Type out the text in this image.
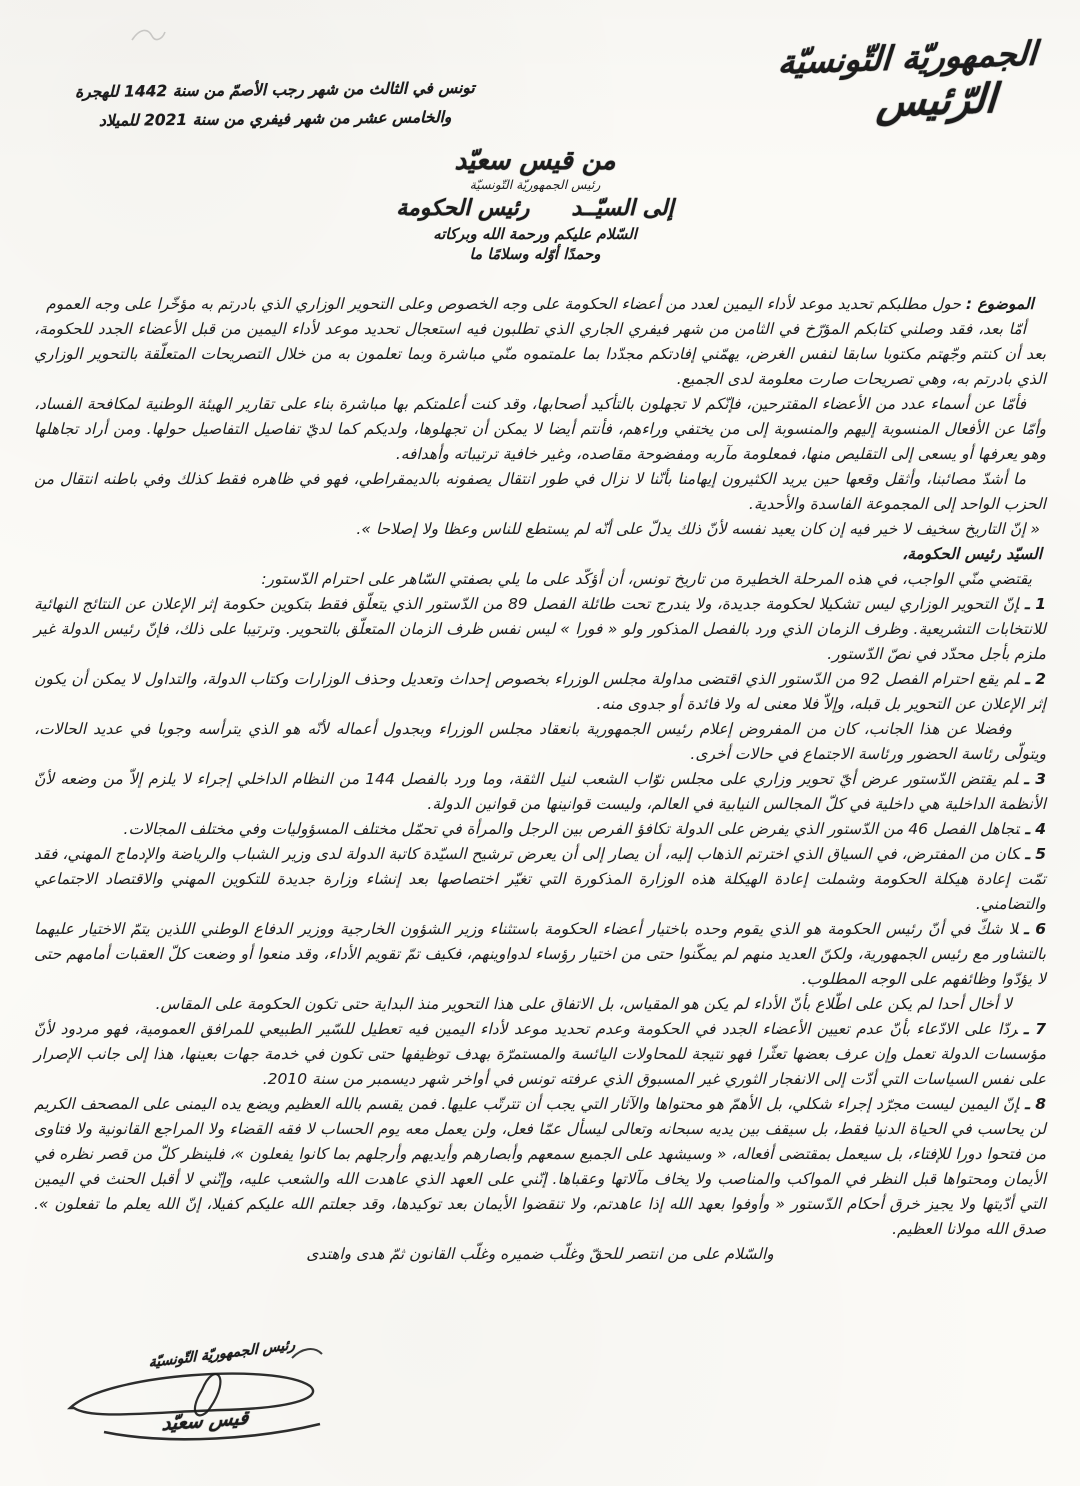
الجمهوريّة التّونسيّة
الرّئيس
تونس في الثالث من شهر رجب الأصمّ من سنة 1442 للهجرة
والخامس عشر من شهر فيفري من سنة 2021 للميلاد
من قيس سعيّد
رئيس الجمهوريّة التّونسيّة
إلى السيّــدرئيس الحكومة
السّلام عليكم ورحمة الله وبركاته
وحمدًا أوّله وسلامًا ما

الموضوع : حول مطلبكم تحديد موعد لأداء اليمين لعدد من أعضاء الحكومة على وجه الخصوص وعلى التحوير الوزاري الذي بادرتم به مؤخّرا على وجه العموم

أمّا بعد، فقد وصلني كتابكم المؤرّخ في الثامن من شهر فيفري الجاري الذي تطلبون فيه استعجال تحديد موعد لأداء اليمين من قبل الأعضاء الجدد للحكومة، بعد أن كنتم وجّهتم مكتوبا سابقا لنفس الغرض، يهمّني إفادتكم مجدّدا بما علمتموه منّي مباشرة وبما تعلمون به من خلال التصريحات المتعلّقة بالتحوير الوزاري الذي بادرتم به، وهي تصريحات صارت معلومة لدى الجميع.

فأمّا عن أسماء عدد من الأعضاء المقترحين، فإنّكم لا تجهلون بالتأكيد أصحابها، وقد كنت أعلمتكم بها مباشرة بناء على تقارير الهيئة الوطنية لمكافحة الفساد، وأمّا عن الأفعال المنسوبة إليهم والمنسوبة إلى من يختفي وراءهم، فأنتم أيضا لا يمكن أن تجهلوها، ولديكم كما لديّ تفاصيل التفاصيل حولها. ومن أراد تجاهلها وهو يعرفها أو يسعى إلى التقليص منها، فمعلومة مآربه ومفضوحة مقاصده، وغير خافية ترتيباته وأهدافه.

ما أشدّ مصائبنا، وأثقل وقعها حين يريد الكثيرون إيهامنا بأنّنا لا نزال في طور انتقال يصفونه بالديمقراطي، فهو في ظاهره فقط كذلك وفي باطنه انتقال من الحزب الواحد إلى المجموعة الفاسدة والأحدية.

« إنّ التاريخ سخيف لا خير فيه إن كان يعيد نفسه لأنّ ذلك يدلّ على أنّه لم يستطع للناس وعظا ولا إصلاحا ».

السيّد رئيس الحكومة،

يقتضي منّي الواجب، في هذه المرحلة الخطيرة من تاريخ تونس، أن أؤكّد على ما يلي بصفتي السّاهر على احترام الدّستور:

1 ـإنّ التحوير الوزاري ليس تشكيلا لحكومة جديدة، ولا يندرج تحت طائلة الفصل 89 من الدّستور الذي يتعلّق فقط بتكوين حكومة إثر الإعلان عن النتائج النهائية للانتخابات التشريعية. وظرف الزمان الذي ورد بالفصل المذكور ولو « فورا » ليس نفس ظرف الزمان المتعلّق بالتحوير. وترتيبا على ذلك، فإنّ رئيس الدولة غير ملزم بأجل محدّد في نصّ الدّستور.
2 ـلم يقع احترام الفصل 92 من الدّستور الذي اقتضى مداولة مجلس الوزراء بخصوص إحداث وتعديل وحذف الوزارات وكتاب الدولة، والتداول لا يمكن أن يكون إثر الإعلان عن التحوير بل قبله، وإلاّ فلا معنى له ولا فائدة أو جدوى منه.
وفضلا عن هذا الجانب، كان من المفروض إعلام رئيس الجمهورية بانعقاد مجلس الوزراء وبجدول أعماله لأنّه هو الذي يترأسه وجوبا في عديد الحالات، ويتولّى رئاسة الحضور ورئاسة الاجتماع في حالات أخرى.
3 ـلم يقتض الدّستور عرض أيّ تحوير وزاري على مجلس نوّاب الشعب لنيل الثقة، وما ورد بالفصل 144 من النظام الداخلي إجراء لا يلزم إلاّ من وضعه لأنّ الأنظمة الداخلية هي داخلية في كلّ المجالس النيابية في العالم، وليست قوانينها من قوانين الدولة.
4 ـتجاهل الفصل 46 من الدّستور الذي يفرض على الدولة تكافؤ الفرص بين الرجل والمرأة في تحمّل مختلف المسؤوليات وفي مختلف المجالات.
5 ـكان من المفترض، في السياق الذي اخترتم الذهاب إليه، أن يصار إلى أن يعرض ترشيح السيّدة كاتبة الدولة لدى وزير الشباب والرياضة والإدماج المهني، فقد تمّت إعادة هيكلة الحكومة وشملت إعادة الهيكلة هذه الوزارة المذكورة التي تغيّر اختصاصها بعد إنشاء وزارة جديدة للتكوين المهني والاقتصاد الاجتماعي والتضامني.
6 ـلا شكّ في أنّ رئيس الحكومة هو الذي يقوم وحده باختيار أعضاء الحكومة باستثناء وزير الشؤون الخارجية ووزير الدفاع الوطني اللذين يتمّ الاختيار عليهما بالتشاور مع رئيس الجمهورية، ولكنّ العديد منهم لم يمكّنوا حتى من اختيار رؤساء لدواوينهم، فكيف تمّ تقويم الأداء، وقد منعوا أو وضعت كلّ العقبات أمامهم حتى لا يؤدّوا وظائفهم على الوجه المطلوب.
لا أخال أحدا لم يكن على اطّلاع بأنّ الأداء لم يكن هو المقياس، بل الاتفاق على هذا التحوير منذ البداية حتى تكون الحكومة على المقاس.
7 ـردّا على الادّعاء بأنّ عدم تعيين الأعضاء الجدد في الحكومة وعدم تحديد موعد لأداء اليمين فيه تعطيل للسّير الطبيعي للمرافق العمومية، فهو مردود لأنّ مؤسسات الدولة تعمل وإن عرف بعضها تعثّرا فهو نتيجة للمحاولات اليائسة والمستمرّة بهدف توظيفها حتى تكون في خدمة جهات بعينها، هذا إلى جانب الإصرار على نفس السياسات التي أدّت إلى الانفجار الثوري غير المسبوق الذي عرفته تونس في أواخر شهر ديسمبر من سنة 2010.
8 ـإنّ اليمين ليست مجرّد إجراء شكلي، بل الأهمّ هو محتواها والآثار التي يجب أن تترتّب عليها. فمن يقسم بالله العظيم ويضع يده اليمنى على المصحف الكريم لن يحاسب في الحياة الدنيا فقط، بل سيقف بين يديه سبحانه وتعالى ليسأل عمّا فعل، ولن يعمل معه يوم الحساب لا فقه القضاء ولا المراجع القانونية ولا فتاوى من فتحوا دورا للإفتاء، بل سيعمل بمقتضى أفعاله، « وسيشهد على الجميع سمعهم وأبصارهم وأيديهم وأرجلهم بما كانوا يفعلون »، فلينظر كلّ من قصر نظره في الأيمان ومحتواها قبل النظر في المواكب والمناصب ولا يخاف مآلاتها وعقباها. إنّني على العهد الذي عاهدت الله والشعب عليه، وإنّني لا أقبل الحنث في اليمين التي أدّيتها ولا يجيز خرق أحكام الدّستور « وأوفوا بعهد الله إذا عاهدتم، ولا تنقضوا الأيمان بعد توكيدها، وقد جعلتم الله عليكم كفيلا، إنّ الله يعلم ما تفعلون ». صدق الله مولانا العظيم.

والسّلام على من انتصر للحقّ وغلّب ضميره وغلّب القانون ثمّ هدى واهتدى

رئيس الجمهوريّة التّونسيّة
قيس سعيّد
